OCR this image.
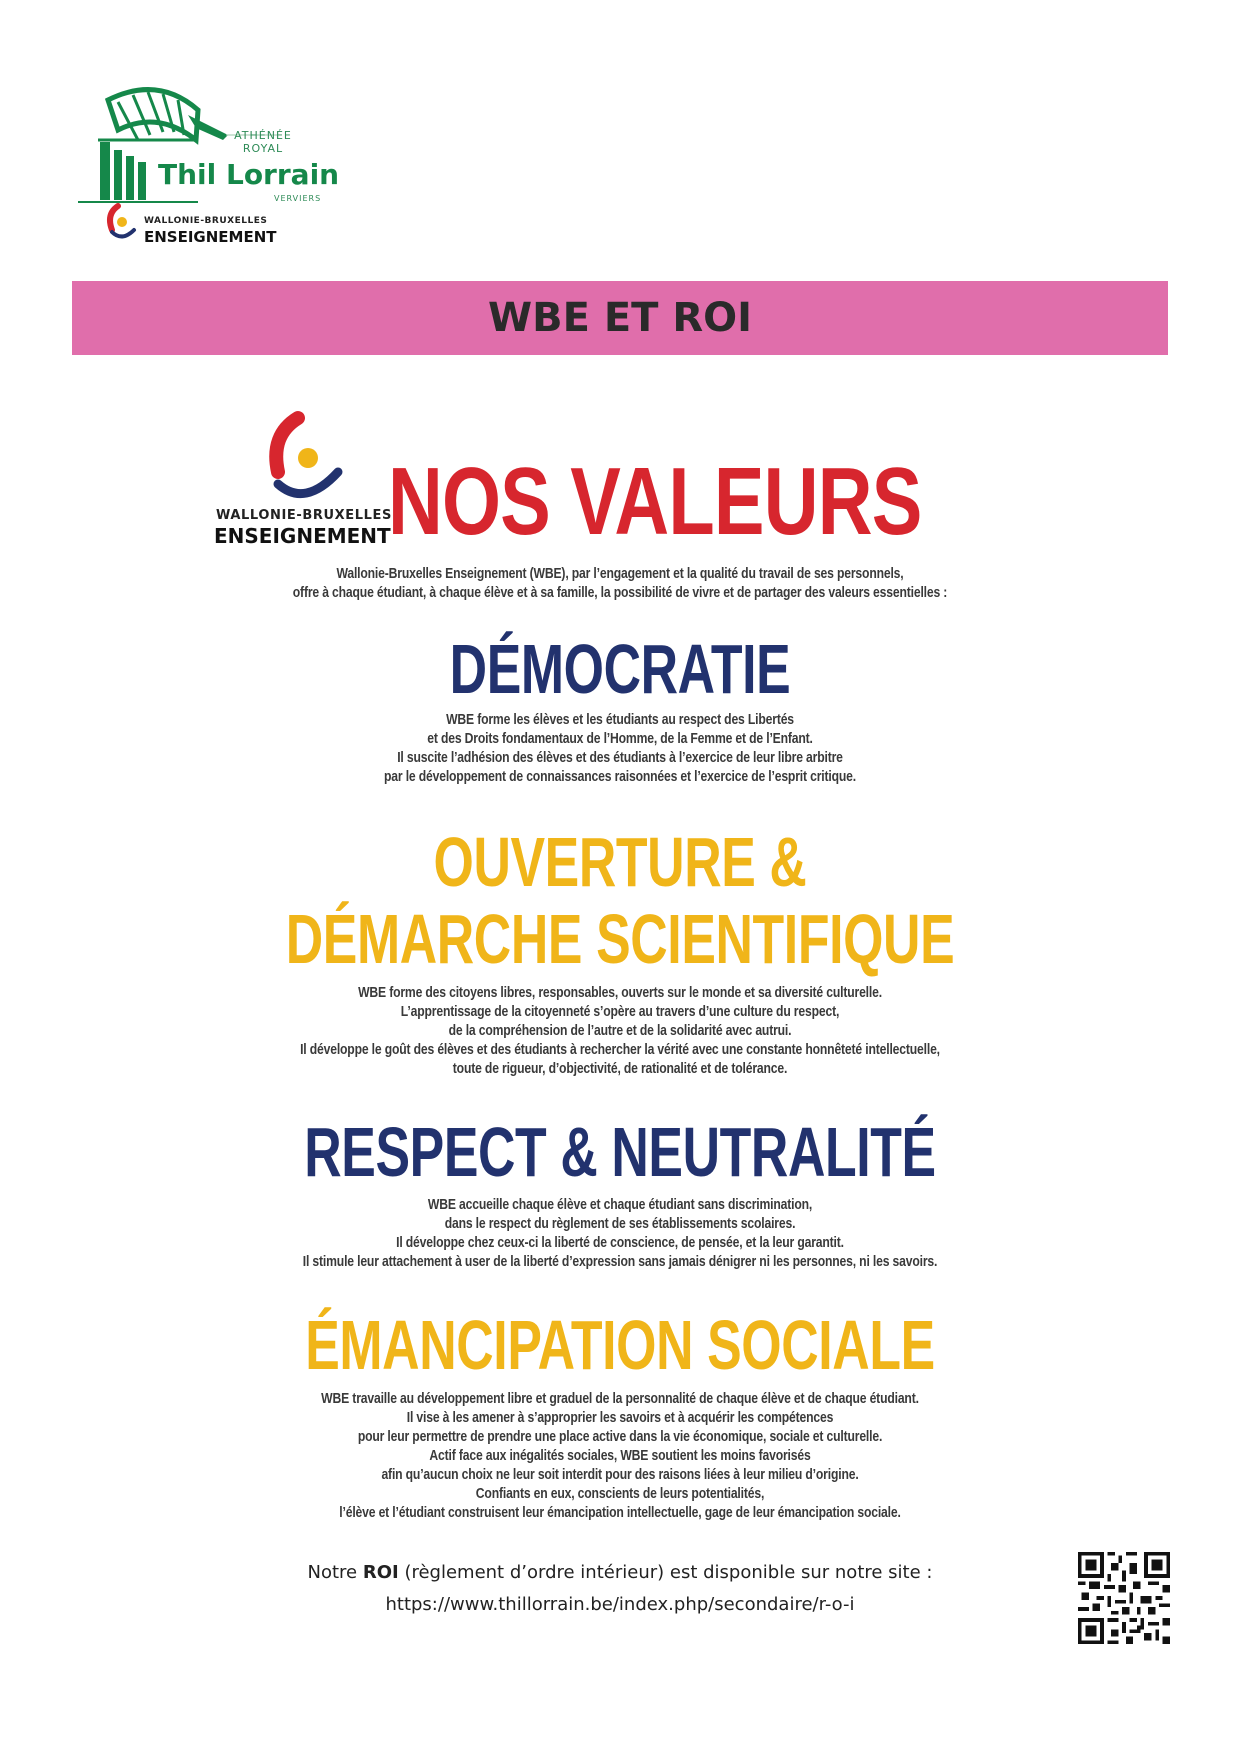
ATHÉNÉE
ROYAL
Thil Lorrain
VERVIERS
WALLONIE-BRUXELLES
ENSEIGNEMENT
WBE ET ROI
WALLONIE-BRUXELLES
ENSEIGNEMENT
NOS VALEURS
Wallonie-Bruxelles Enseignement (WBE), par l’engagement et la qualité du travail de ses personnels,
offre à chaque étudiant, à chaque élève et à sa famille, la possibilité de vivre et de partager des valeurs essentielles :
DÉMOCRATIE
WBE forme les élèves et les étudiants au respect des Libertés
et des Droits fondamentaux de l’Homme, de la Femme et de l’Enfant.
Il suscite l’adhésion des élèves et des étudiants à l’exercice de leur libre arbitre
par le développement de connaissances raisonnées et l’exercice de l’esprit critique.
OUVERTURE &
DÉMARCHE SCIENTIFIQUE
WBE forme des citoyens libres, responsables, ouverts sur le monde et sa diversité culturelle.
L’apprentissage de la citoyenneté s’opère au travers d’une culture du respect,
de la compréhension de l’autre et de la solidarité avec autrui.
Il développe le goût des élèves et des étudiants à rechercher la vérité avec une constante honnêteté intellectuelle,
toute de rigueur, d’objectivité, de rationalité et de tolérance.
RESPECT & NEUTRALITÉ
WBE accueille chaque élève et chaque étudiant sans discrimination,
dans le respect du règlement de ses établissements scolaires.
Il développe chez ceux-ci la liberté de conscience, de pensée, et la leur garantit.
Il stimule leur attachement à user de la liberté d’expression sans jamais dénigrer ni les personnes, ni les savoirs.
ÉMANCIPATION SOCIALE
WBE travaille au développement libre et graduel de la personnalité de chaque élève et de chaque étudiant.
Il vise à les amener à s’approprier les savoirs et à acquérir les compétences
pour leur permettre de prendre une place active dans la vie économique, sociale et culturelle.
Actif face aux inégalités sociales, WBE soutient les moins favorisés
afin qu’aucun choix ne leur soit interdit pour des raisons liées à leur milieu d’origine.
Confiants en eux, conscients de leurs potentialités,
l’élève et l’étudiant construisent leur émancipation intellectuelle, gage de leur émancipation sociale.
Notre ROI (règlement d’ordre intérieur) est disponible sur notre site :
https://www.thillorrain.be/index.php/secondaire/r-o-i
